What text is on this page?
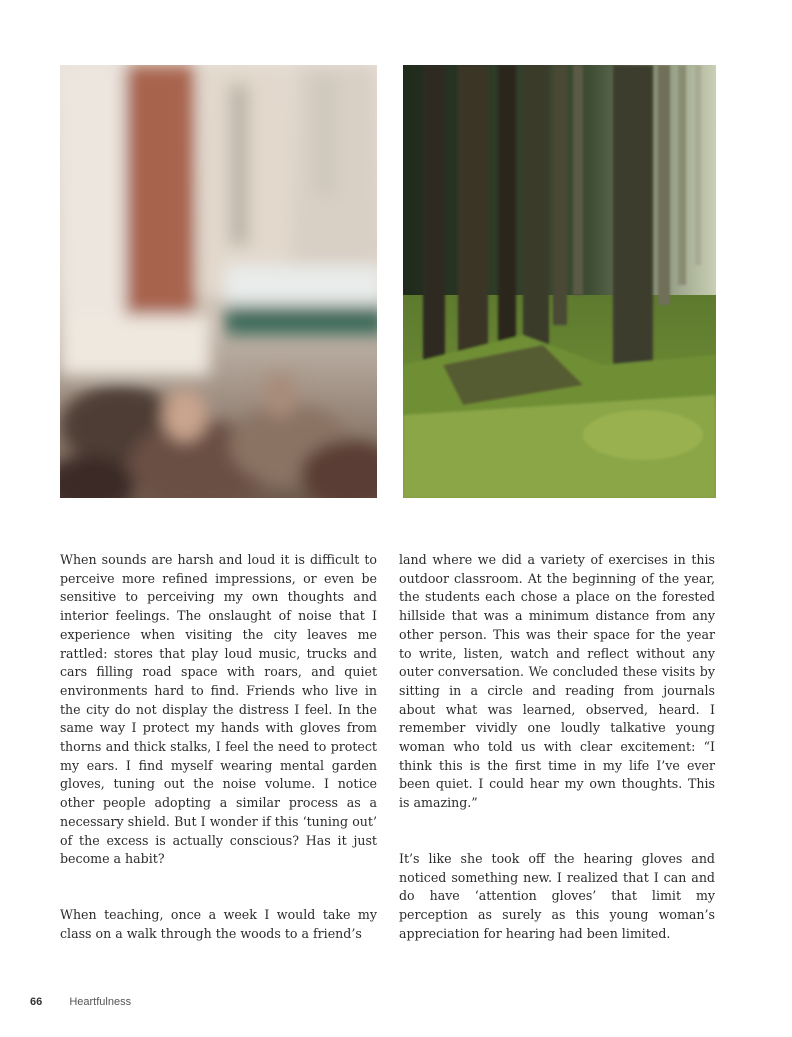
When sounds are harsh and loud it is difficult to perceive more refined impressions, or even be sensitive to perceiving my own thoughts and interior feelings. The onslaught of noise that I experience when visiting the city leaves me rattled: stores that play loud music, trucks and cars filling road space with roars, and quiet environments hard to find. Friends who live in the city do not display the distress I feel. In the same way I protect my hands with gloves from thorns and thick stalks, I feel the need to protect my ears. I find myself wearing mental garden gloves, tuning out the noise volume. I notice other people adopting a similar process as a necessary shield. But I wonder if this ‘tuning out’ of the excess is actually conscious? Has it just become a habit?

When teaching, once a week I would take my class on a walk through the woods to a friend’s

land where we did a variety of exercises in this outdoor classroom. At the beginning of the year, the students each chose a place on the forested hillside that was a minimum distance from any other person. This was their space for the year to write, listen, watch and reflect without any outer conversation. We concluded these visits by sitting in a circle and reading from journals about what was learned, observed, heard. I remember vividly one loudly talkative young woman who told us with clear excitement: “I think this is the first time in my life I’ve ever been quiet. I could hear my own thoughts. This is amazing.”

It’s like she took off the hearing gloves and noticed something new. I realized that I can and do have ‘attention gloves’ that limit my perception as surely as this young woman’s appreciation for hearing had been limited.

66 Heartfulness
